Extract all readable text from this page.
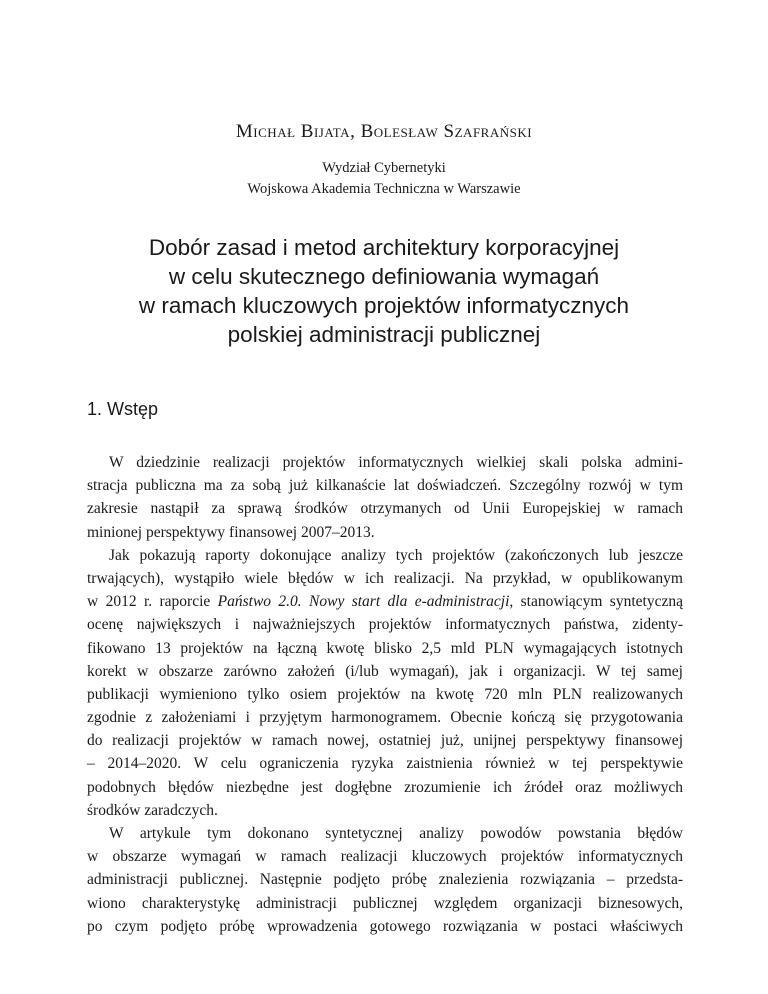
Michał Bijata, Bolesław Szafrański
Wydział Cybernetyki
Wojskowa Akademia Techniczna w Warszawie
Dobór zasad i metod architektury korporacyjnej
w celu skutecznego definiowania wymagań
w ramach kluczowych projektów informatycznych
polskiej administracji publicznej
1. Wstęp
W dziedzinie realizacji projektów informatycznych wielkiej skali polska admini-
stracja publiczna ma za sobą już kilkanaście lat doświadczeń. Szczególny rozwój w tym
zakresie nastąpił za sprawą środków otrzymanych od Unii Europejskiej w ramach
minionej perspektywy finansowej 2007–2013.
Jak pokazują raporty dokonujące analizy tych projektów (zakończonych lub jeszcze
trwających), wystąpiło wiele błędów w ich realizacji. Na przykład, w opublikowanym
w 2012 r. raporcie Państwo 2.0. Nowy start dla e-administracji, stanowiącym syntetyczną
ocenę największych i najważniejszych projektów informatycznych państwa, zidenty-
fikowano 13 projektów na łączną kwotę blisko 2,5 mld PLN wymagających istotnych
korekt w obszarze zarówno założeń (i/lub wymagań), jak i organizacji. W tej samej
publikacji wymieniono tylko osiem projektów na kwotę 720 mln PLN realizowanych
zgodnie z założeniami i przyjętym harmonogramem. Obecnie kończą się przygotowania
do realizacji projektów w ramach nowej, ostatniej już, unijnej perspektywy finansowej
– 2014–2020. W celu ograniczenia ryzyka zaistnienia również w tej perspektywie
podobnych błędów niezbędne jest dogłębne zrozumienie ich źródeł oraz możliwych
środków zaradczych.
W artykule tym dokonano syntetycznej analizy powodów powstania błędów
w obszarze wymagań w ramach realizacji kluczowych projektów informatycznych
administracji publicznej. Następnie podjęto próbę znalezienia rozwiązania – przedsta-
wiono charakterystykę administracji publicznej względem organizacji biznesowych,
po czym podjęto próbę wprowadzenia gotowego rozwiązania w postaci właściwych
